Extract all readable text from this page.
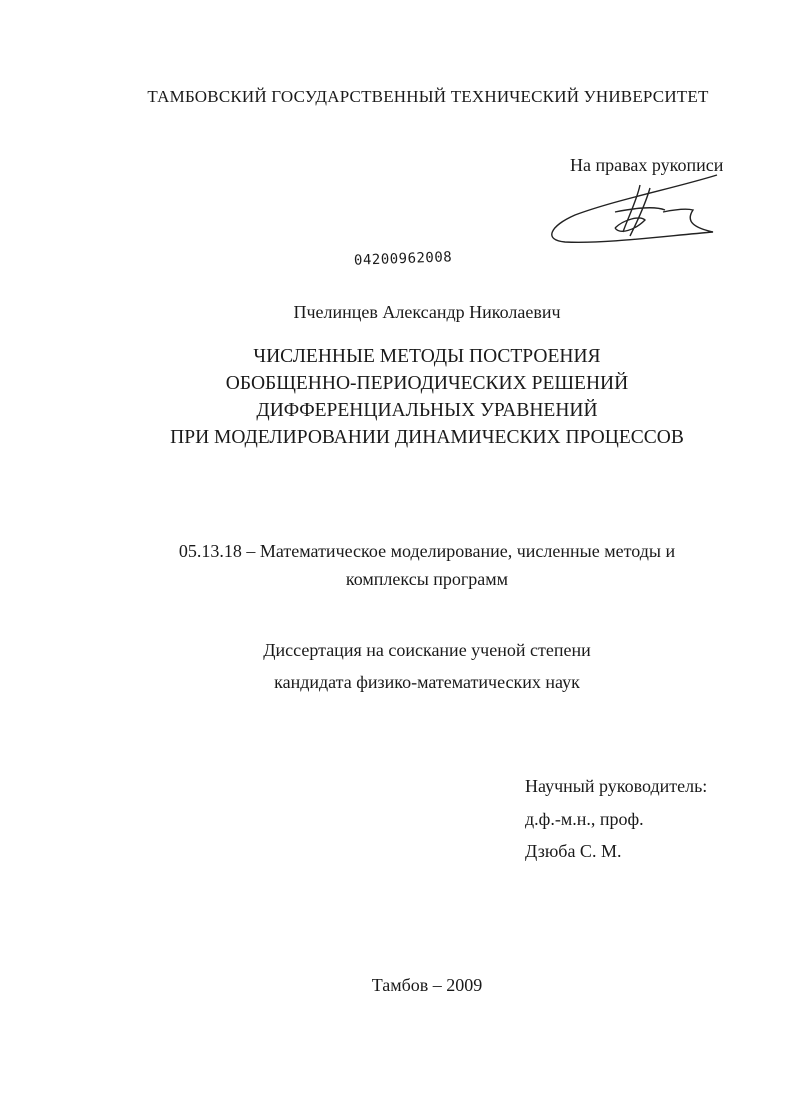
ТАМБОВСКИЙ ГОСУДАРСТВЕННЫЙ ТЕХНИЧЕСКИЙ УНИВЕРСИТЕТ
На правах рукописи
04200962008
Пчелинцев Александр Николаевич
ЧИСЛЕННЫЕ МЕТОДЫ ПОСТРОЕНИЯ
ОБОБЩЕННО-ПЕРИОДИЧЕСКИХ РЕШЕНИЙ
ДИФФЕРЕНЦИАЛЬНЫХ УРАВНЕНИЙ
ПРИ МОДЕЛИРОВАНИИ ДИНАМИЧЕСКИХ ПРОЦЕССОВ
05.13.18 – Математическое моделирование, численные методы и
комплексы программ
Диссертация на соискание ученой степени
кандидата физико-математических наук
Научный руководитель:
д.ф.-м.н., проф.
Дзюба С. М.
Тамбов – 2009
